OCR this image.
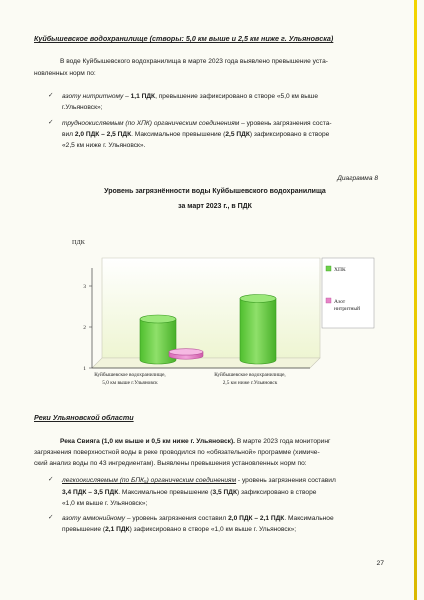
Куйбышевское водохранилище (створы: 5,0 км выше и 2,5 км ниже г. Ульяновска)
В воде Куйбышевского водохранилища в марте 2023 года выявлено превышение уста-
новленных норм по:
✓ азоту нитритному – 1,1 ПДК, превышение зафиксировано в створе «5,0 км выше
г.Ульяновск»;
✓ трудноокисляемым (по ХПК) органическим соединениям – уровень загрязнения соста-
вил 2,0 ПДК – 2,5 ПДК. Максимальное превышение (2,5 ПДК) зафиксировано в створе
«2,5 км ниже г. Ульяновск».
Диаграмма 8
Уровень загрязнённости воды Куйбышевского водохранилища
за март 2023 г., в ПДК
ПДК
1
2
3
Куйбышевское водохранилище,
5,0 км выше г.Ульяновск
Куйбышевское водохранилище,
2,5 км ниже г.Ульяновск
ХПК
Азот
нитритный
Реки Ульяновской области
Река Свияга (1,0 км выше и 0,5 км ниже г. Ульяновск). В марте 2023 года мониторинг
загрязнения поверхностной воды в реке проводился по «обязательной» программе (химиче-
ский анализ воды по 43 ингредиентам). Выявлены превышения установленных норм по:
✓ легкоокисляемым (по БПК₅) органическим соединениям - уровень загрязнения составил
3,4 ПДК – 3,5 ПДК. Максимальное превышение (3,5 ПДК) зафиксировано в створе
«1,0 км выше г. Ульяновск»;
✓ азоту аммонийному – уровень загрязнения составил 2,0 ПДК – 2,1 ПДК. Максимальное
превышение (2,1 ПДК) зафиксировано в створе «1,0 км выше г. Ульяновск»;
27
